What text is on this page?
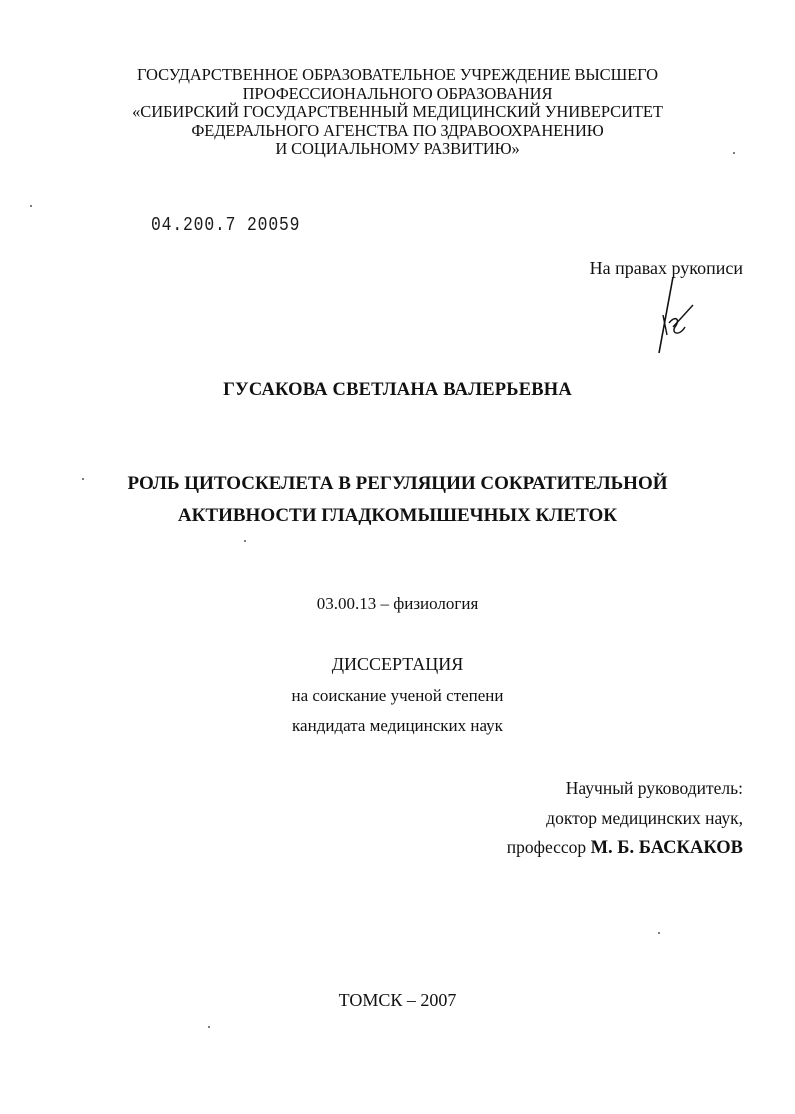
ГОСУДАРСТВЕННОЕ ОБРАЗОВАТЕЛЬНОЕ УЧРЕЖДЕНИЕ ВЫСШЕГО
ПРОФЕССИОНАЛЬНОГО ОБРАЗОВАНИЯ
«СИБИРСКИЙ ГОСУДАРСТВЕННЫЙ МЕДИЦИНСКИЙ УНИВЕРСИТЕТ
ФЕДЕРАЛЬНОГО АГЕНСТВА ПО ЗДРАВООХРАНЕНИЮ
И СОЦИАЛЬНОМУ РАЗВИТИЮ»
04.200.7 20059
На правах рукописи
ГУСАКОВА СВЕТЛАНА ВАЛЕРЬЕВНА
РОЛЬ ЦИТОСКЕЛЕТА В РЕГУЛЯЦИИ СОКРАТИТЕЛЬНОЙ
АКТИВНОСТИ ГЛАДКОМЫШЕЧНЫХ КЛЕТОК
03.00.13 – физиология
ДИССЕРТАЦИЯ
на соискание ученой степени
кандидата медицинских наук
Научный руководитель:
доктор медицинских наук,
профессор М. Б. БАСКАКОВ
ТОМСК – 2007
